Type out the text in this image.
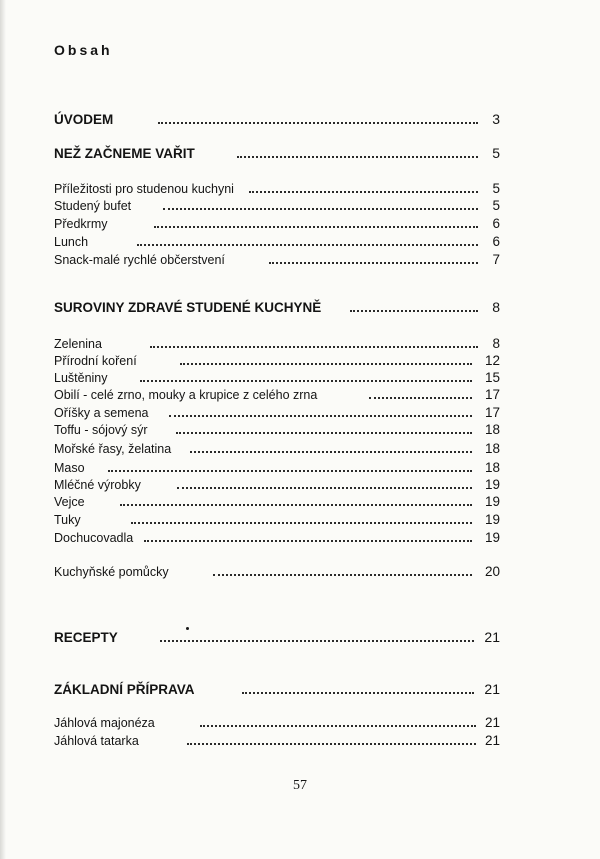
Obsah
ÚVODEM	3
NEŽ ZAČNEME VAŘIT	5
Příležitosti pro studenou kuchyni	5
Studený bufet	5
Předkrmy	6
Lunch	6
Snack-malé rychlé občerstvení	7
SUROVINY ZDRAVÉ STUDENÉ KUCHYNĚ	8
Zelenina	8
Přírodní koření	12
Luštěniny	15
Obilí - celé zrno, mouky a krupice z celého zrna	17
Oříšky a semena	17
Toffu - sójový sýr	18
Mořské řasy, želatina	18
Maso	18
Mléčné výrobky	19
Vejce	19
Tuky	19
Dochucovadla	19
Kuchyňské pomůcky	20
RECEPTY	21
ZÁKLADNÍ PŘÍPRAVA	21
Jáhlová majonéza	21
Jáhlová tatarka	21
57
